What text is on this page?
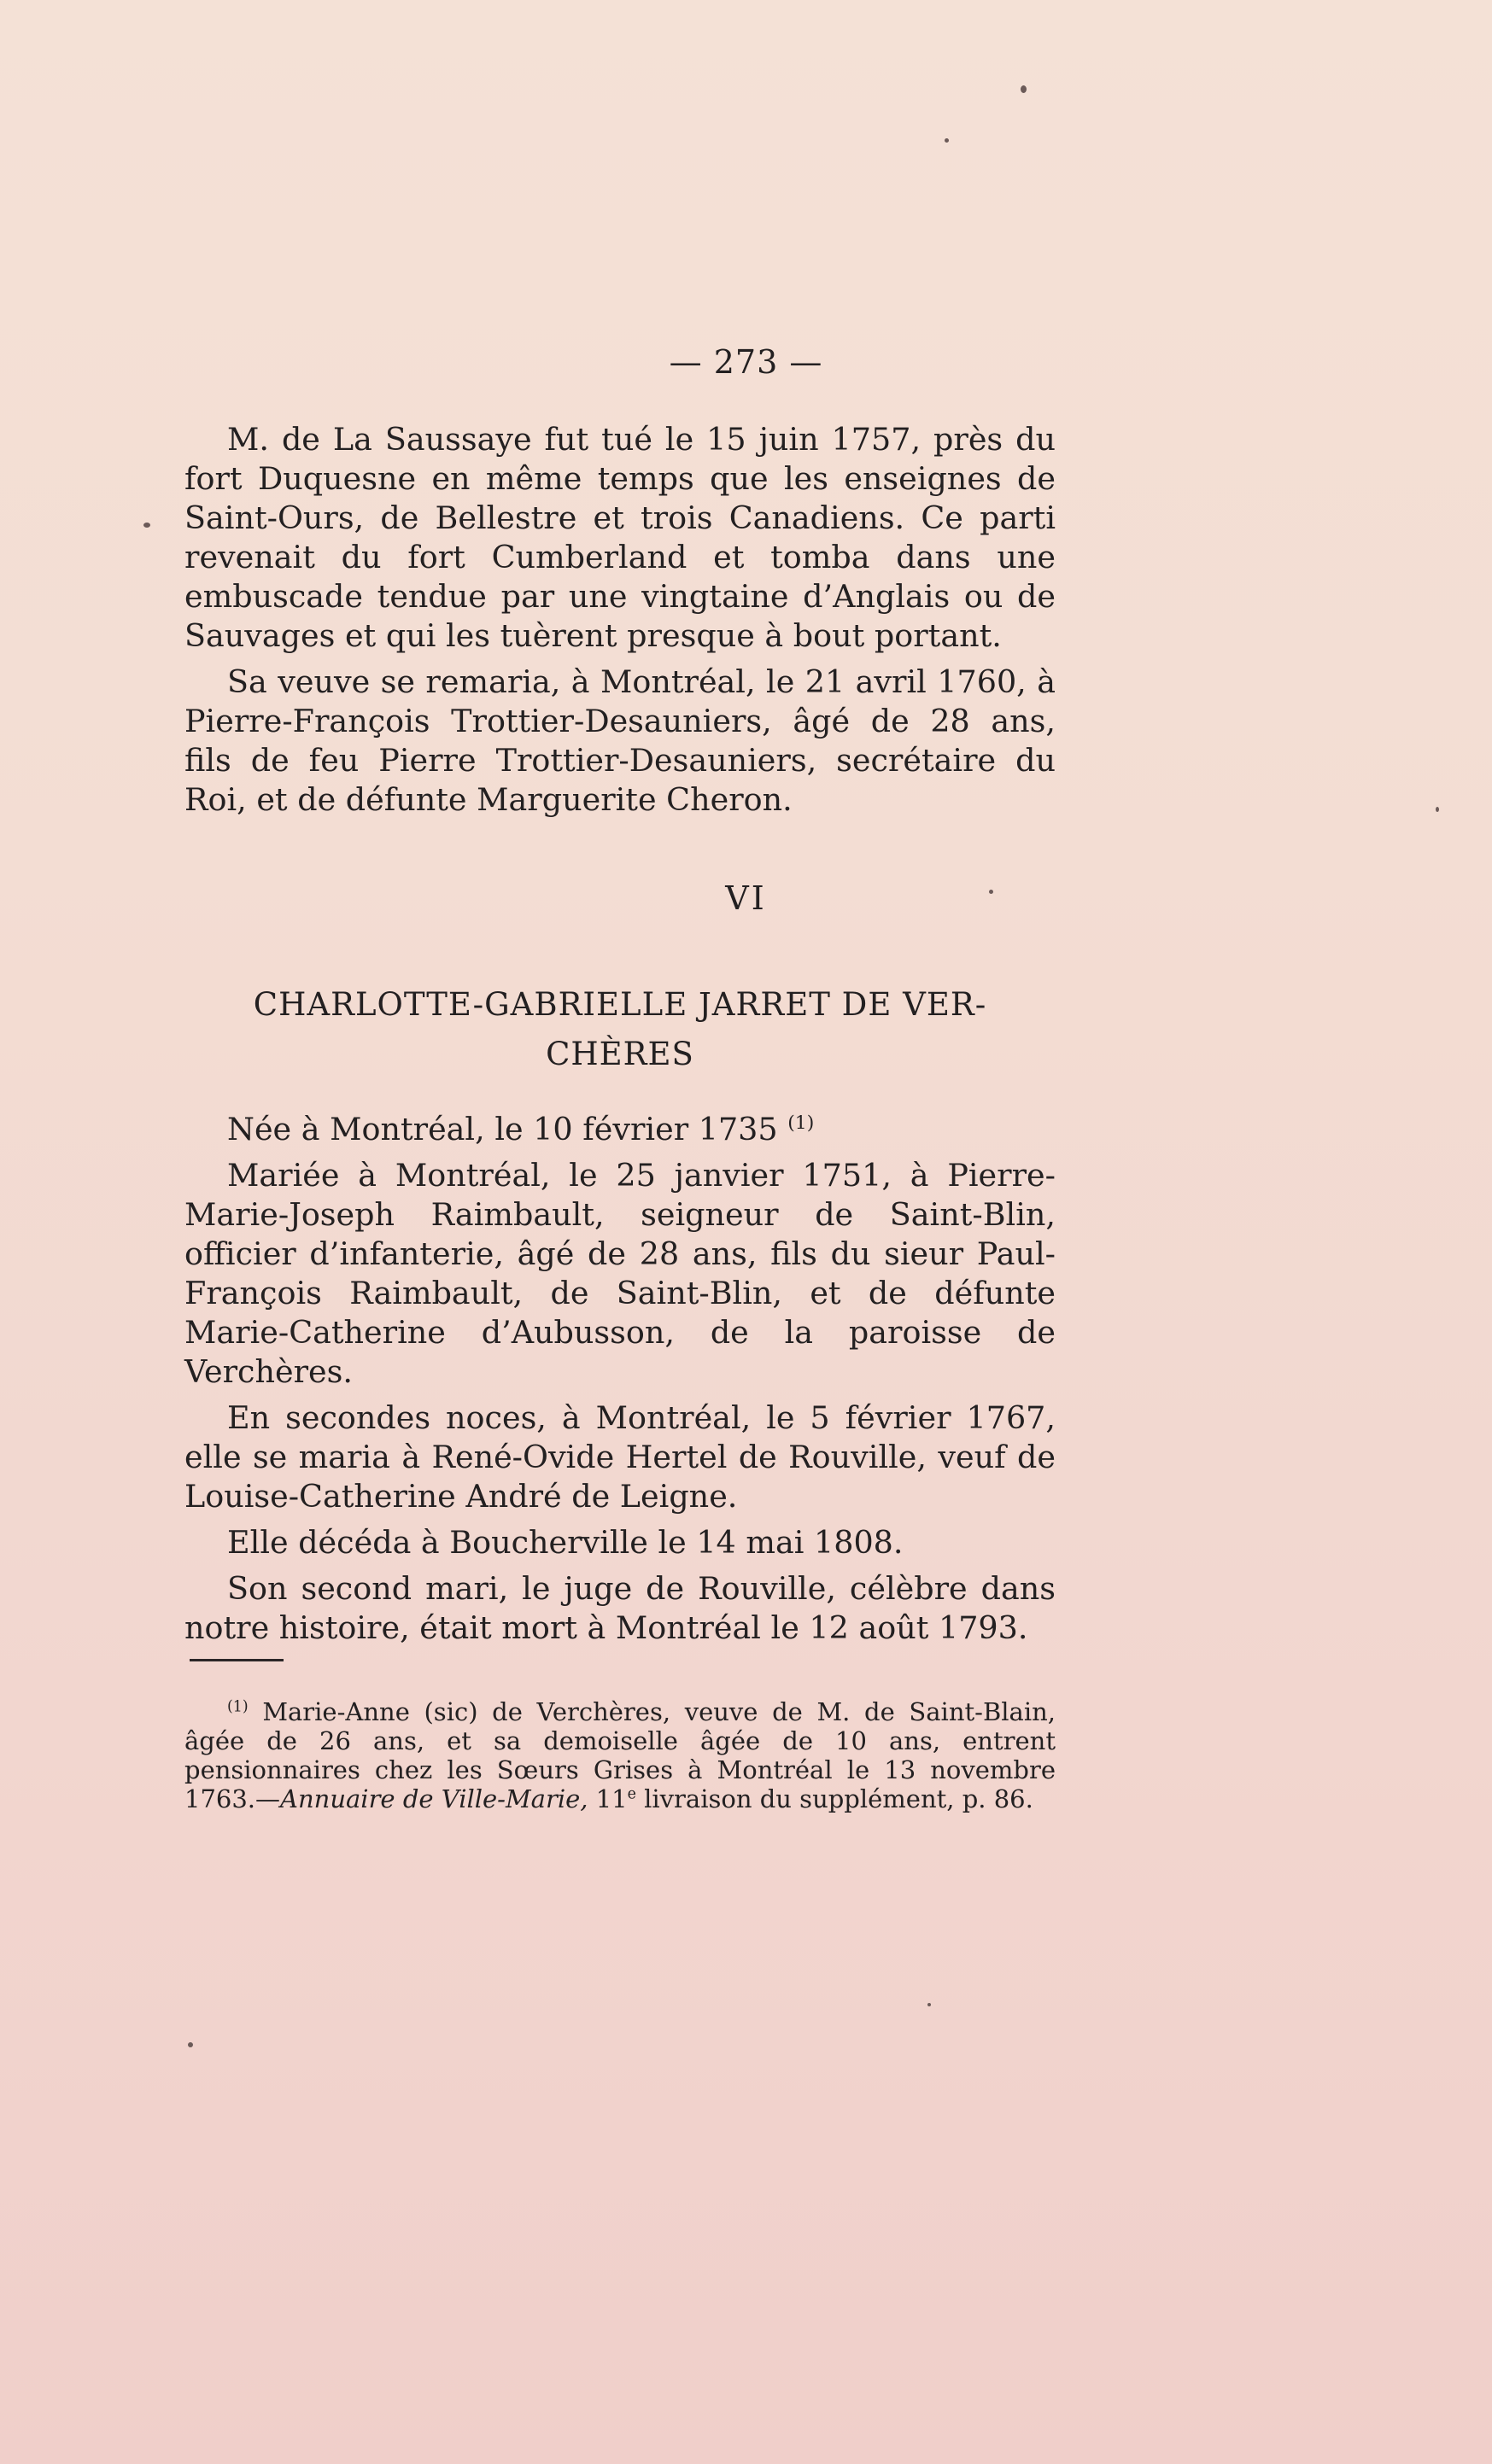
— 273 —

M. de La Saussaye fut tué le 15 juin 1757, près du fort Duquesne en même temps que les enseignes de Saint-Ours, de Bellestre et trois Canadiens. Ce parti revenait du fort Cumberland et tomba dans une embuscade tendue par une vingtaine d’Anglais ou de Sauvages et qui les tuèrent presque à bout portant.

Sa veuve se remaria, à Montréal, le 21 avril 1760, à Pierre-François Trottier-Desauniers, âgé de 28 ans, fils de feu Pierre Trottier-Desauniers, secrétaire du Roi, et de défunte Marguerite Cheron.

VI
CHARLOTTE-GABRIELLE JARRET DE VER-
CHÈRES

Née à Montréal, le 10 février 1735 ( $^1$ )

Mariée à Montréal, le 25 janvier 1751, à Pierre-Marie-Joseph Raimbault, seigneur de Saint-Blin, officier d’infanterie, âgé de 28 ans, fils du sieur Paul-François Raimbault, de Saint-Blin, et de défunte Marie-Catherine d’Aubusson, de la paroisse de Verchères.

En secondes noces, à Montréal, le 5 février 1767, elle se maria à René-Ovide Hertel de Rouville, veuf de Louise-Catherine André de Leigne.

Elle décéda à Boucherville le 14 mai 1808.

Son second mari, le juge de Rouville, célèbre dans notre histoire, était mort à Montréal le 12 août 1793.

( $^1$ ) Marie-Anne (sic) de Verchères, veuve de M. de Saint-Blain, âgée de 26 ans, et sa demoiselle âgée de 10 ans, entrent pensionnaires chez les Sœurs Grises à Montréal le 13 novembre 1763.—Annuaire de Ville-Marie, 11e livraison du supplément, p. 86.
